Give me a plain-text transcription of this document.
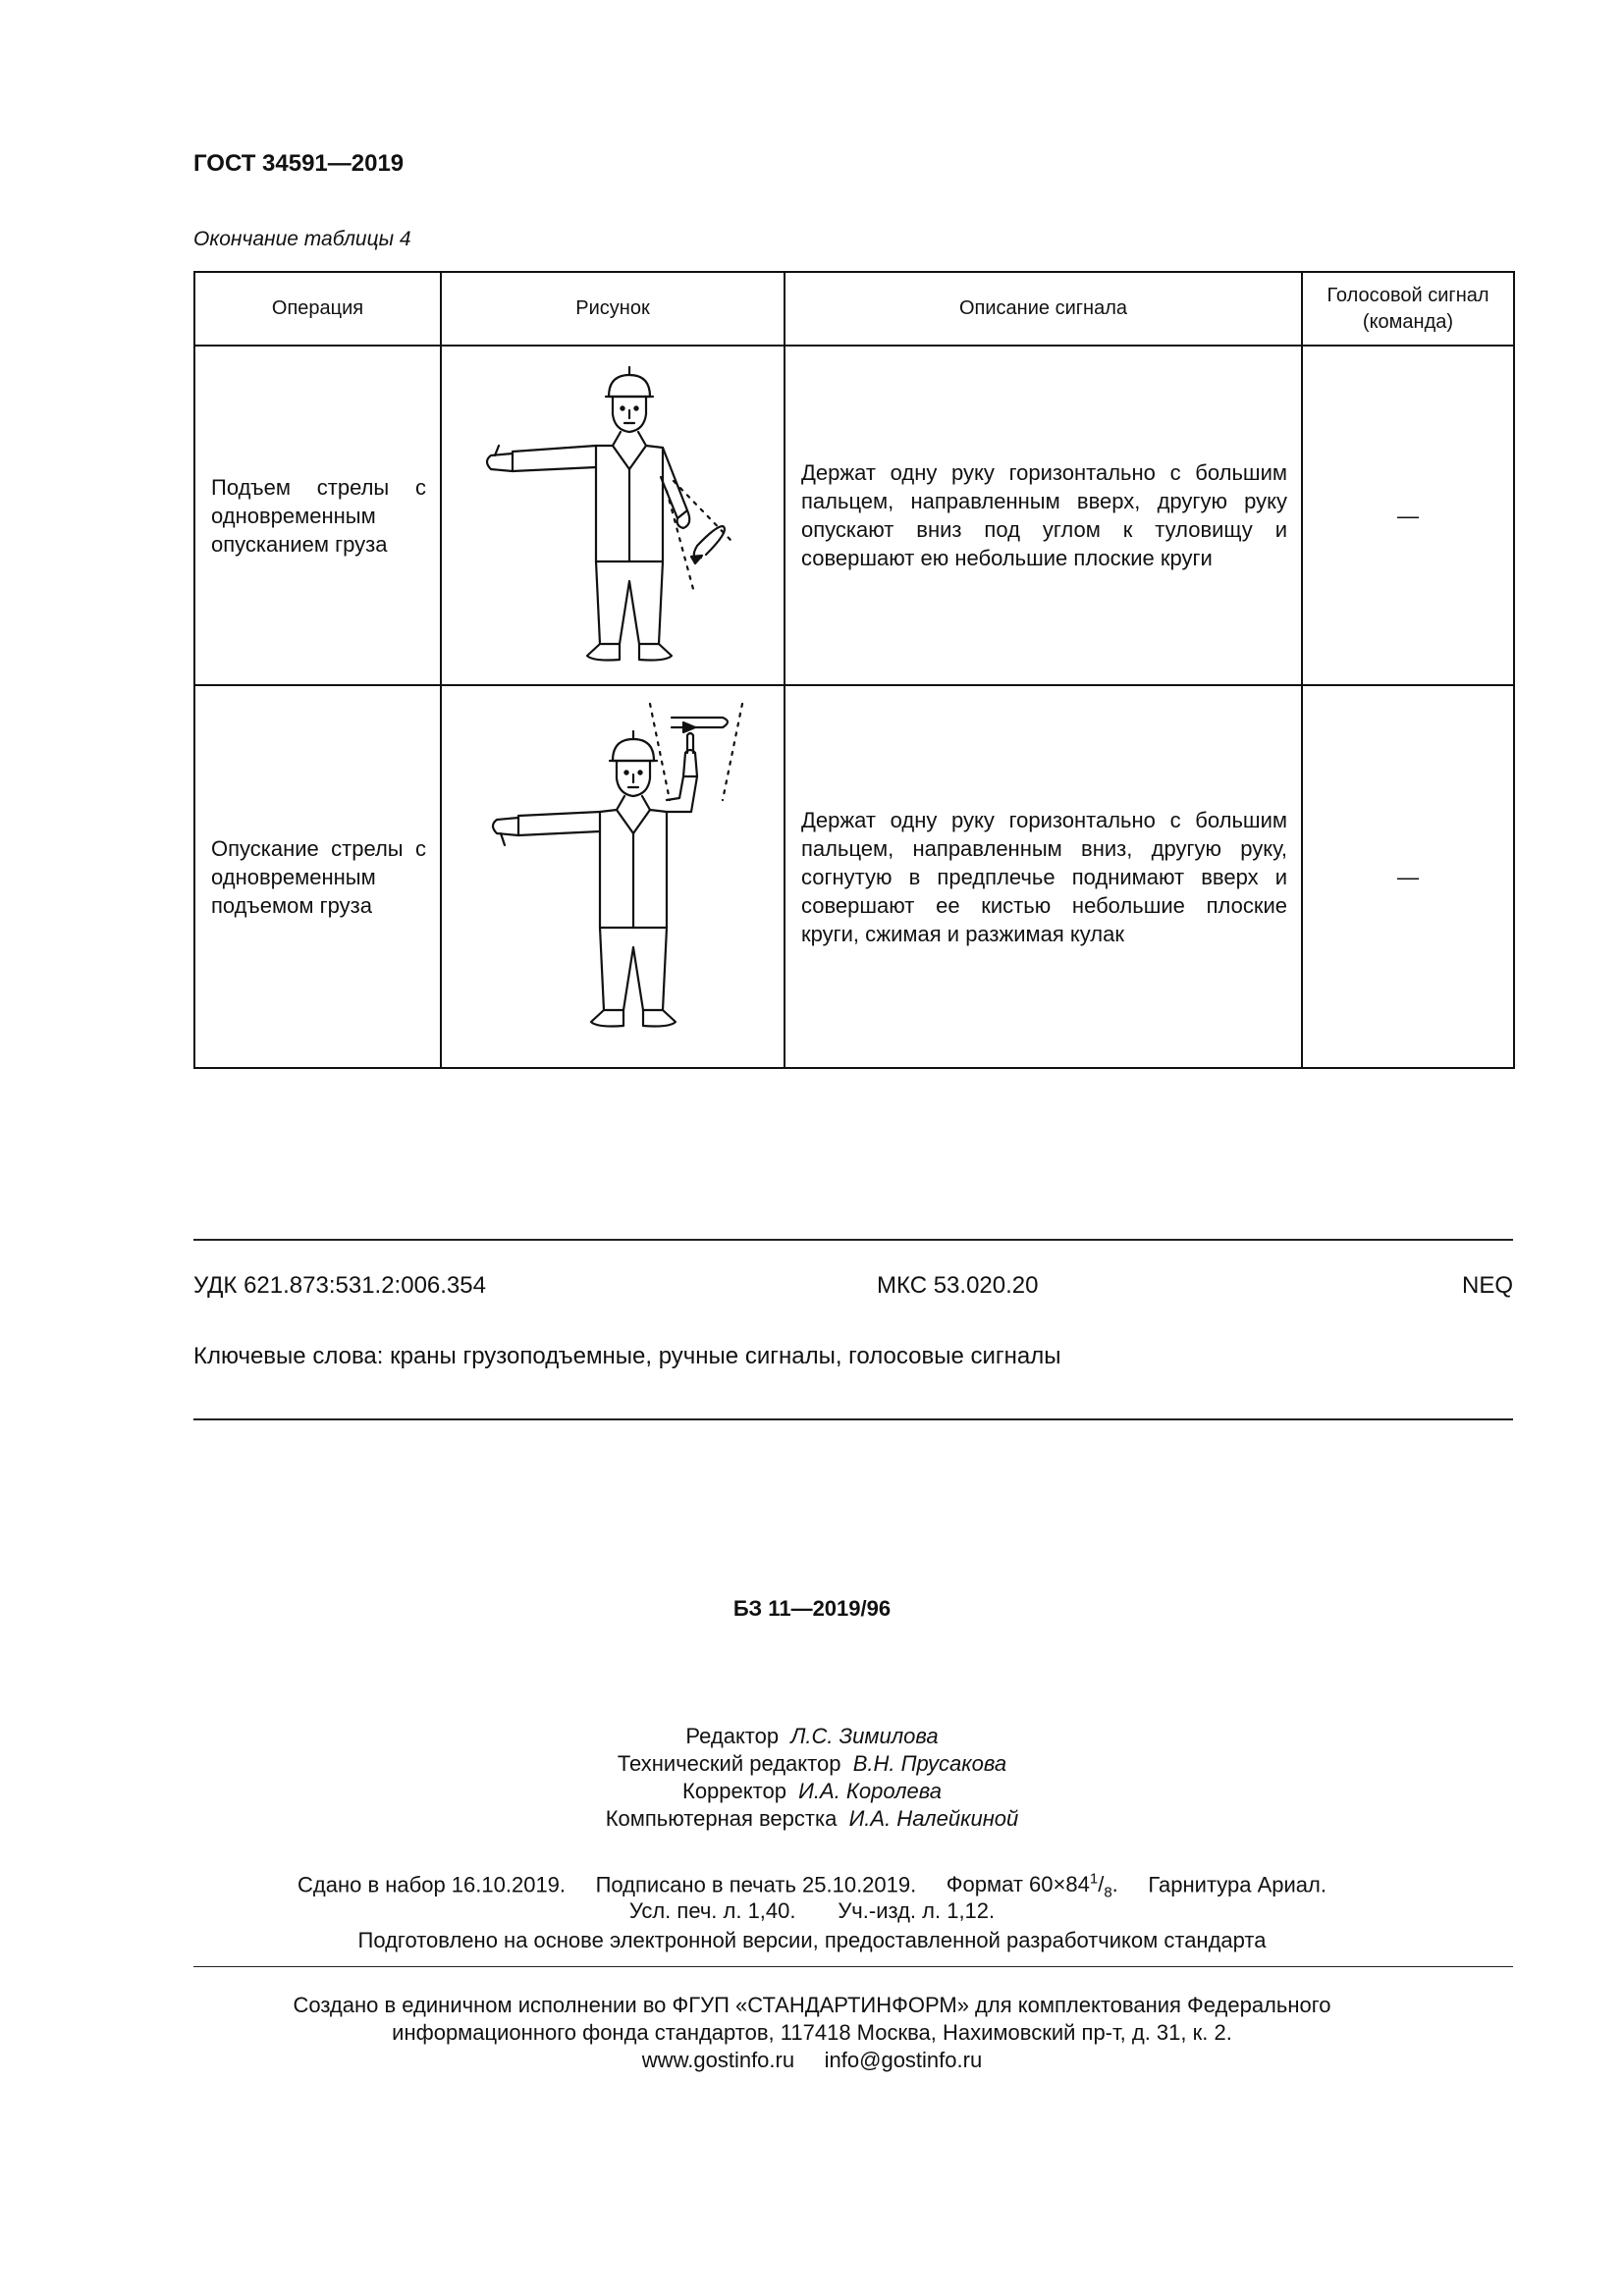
ГОСТ 34591—2019
Окончание таблицы 4
Операция	Рисунок	Описание сигнала	Голосовой сигнал (команда)

Подъем стрелы с одновременным опусканием груза		Держат одну руку горизонтально с большим пальцем, направленным вверх, другую руку опускают вниз под углом к туловищу и совершают ею небольшие плоские круги	—

Опускание стрелы с одновременным подъемом груза		Держат одну руку горизонтально с большим пальцем, направленным вниз, другую руку, согнутую в предплечье поднимают вверх и совершают ее кистью небольшие плоские круги, сжимая и разжимая кулак	—
УДК 621.873:531.2:006.354	МКС 53.020.20	NEQ
Ключевые слова: краны грузоподъемные, ручные сигналы, голосовые сигналы
БЗ 11—2019/96
Редактор Л.С. Зимилова
Технический редактор В.Н. Прусакова
Корректор И.А. Королева
Компьютерная верстка И.А. Налейкиной
Сдано в набор 16.10.2019. Подписано в печать 25.10.2019. Формат $60\times 84^1/_8$. Гарнитура Ариал.
Усл. печ. л. 1,40. Уч.-изд. л. 1,12.
Подготовлено на основе электронной версии, предоставленной разработчиком стандарта
Создано в единичном исполнении во ФГУП «СТАНДАРТИНФОРМ» для комплектования Федерального
информационного фонда стандартов, 117418 Москва, Нахимовский пр-т, д. 31, к. 2.
www.gostinfo.ru info@gostinfo.ru
